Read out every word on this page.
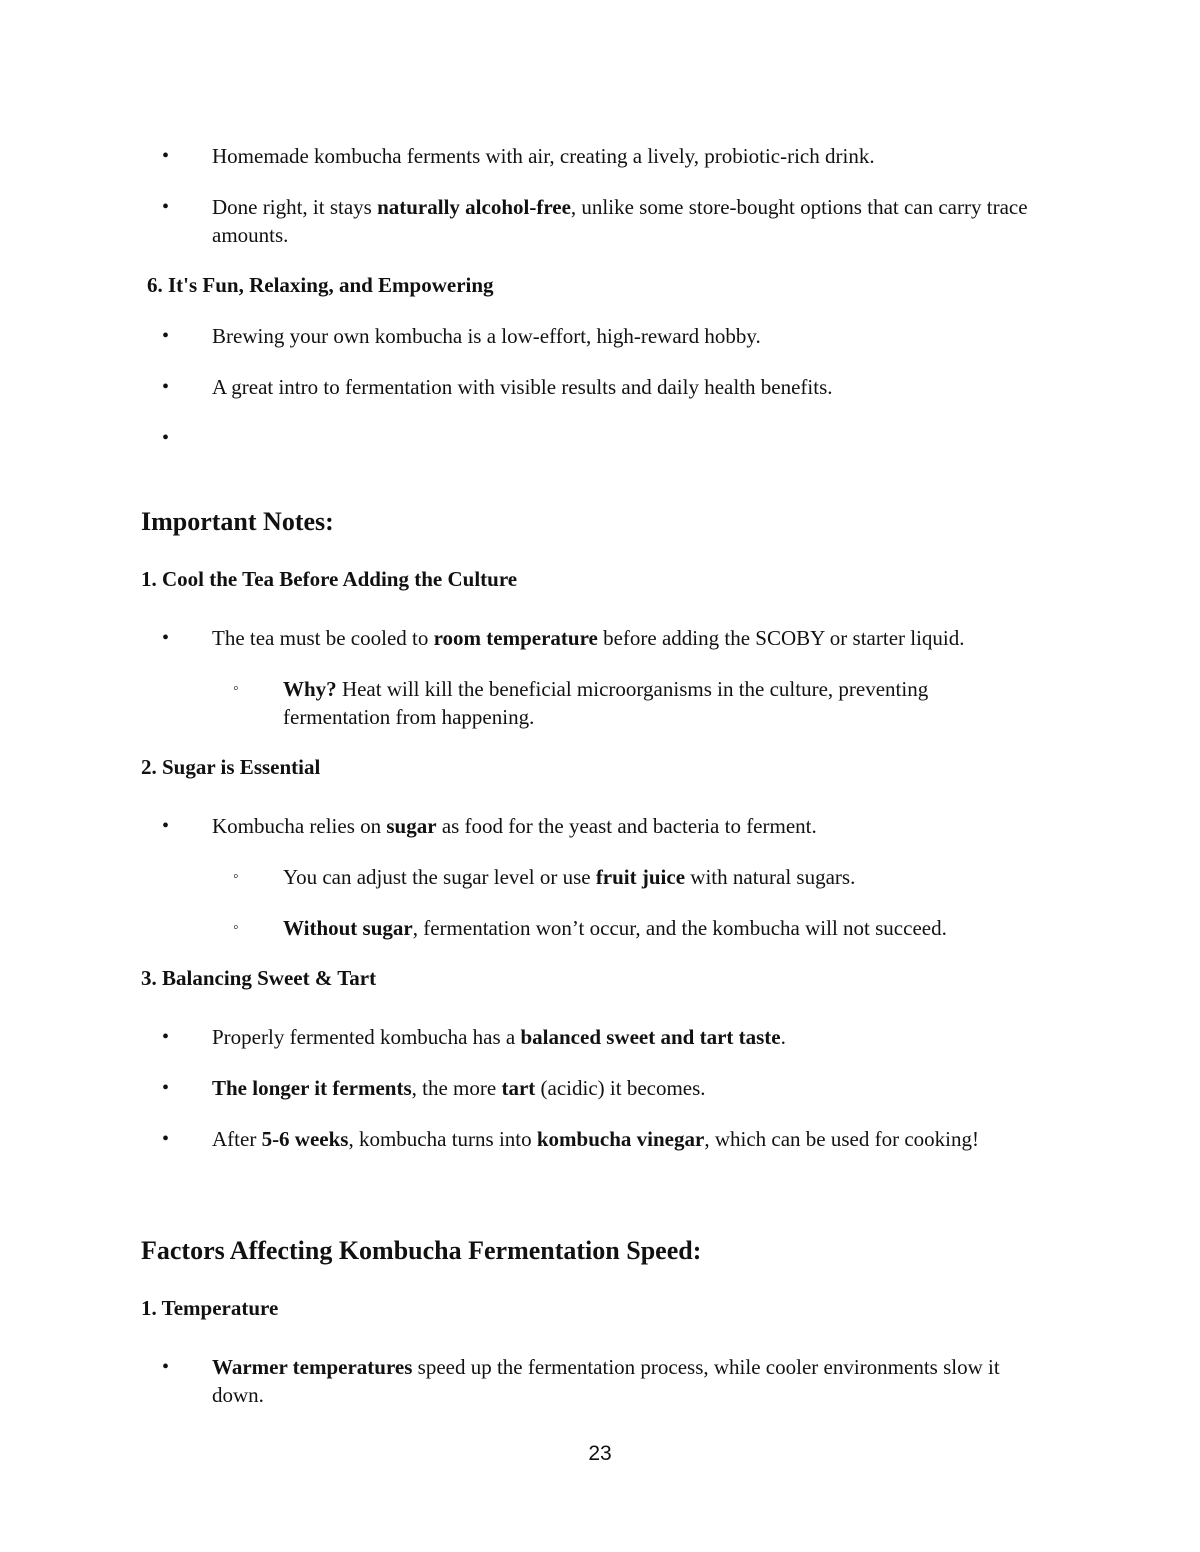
• Homemade kombucha ferments with air, creating a lively, probiotic-rich drink.
• Done right, it stays naturally alcohol-free, unlike some store-bought options that can carry trace amounts.
6. It's Fun, Relaxing, and Empowering
• Brewing your own kombucha is a low-effort, high-reward hobby.
• A great intro to fermentation with visible results and daily health benefits.
•
Important Notes:
1. Cool the Tea Before Adding the Culture
• The tea must be cooled to room temperature before adding the SCOBY or starter liquid.
◦ Why? Heat will kill the beneficial microorganisms in the culture, preventing fermentation from happening.
2. Sugar is Essential
• Kombucha relies on sugar as food for the yeast and bacteria to ferment.
◦ You can adjust the sugar level or use fruit juice with natural sugars.
◦ Without sugar, fermentation won’t occur, and the kombucha will not succeed.
3. Balancing Sweet & Tart
• Properly fermented kombucha has a balanced sweet and tart taste.
• The longer it ferments, the more tart (acidic) it becomes.
• After 5-6 weeks, kombucha turns into kombucha vinegar, which can be used for cooking!
Factors Affecting Kombucha Fermentation Speed:
1. Temperature
• Warmer temperatures speed up the fermentation process, while cooler environments slow it down.
23
